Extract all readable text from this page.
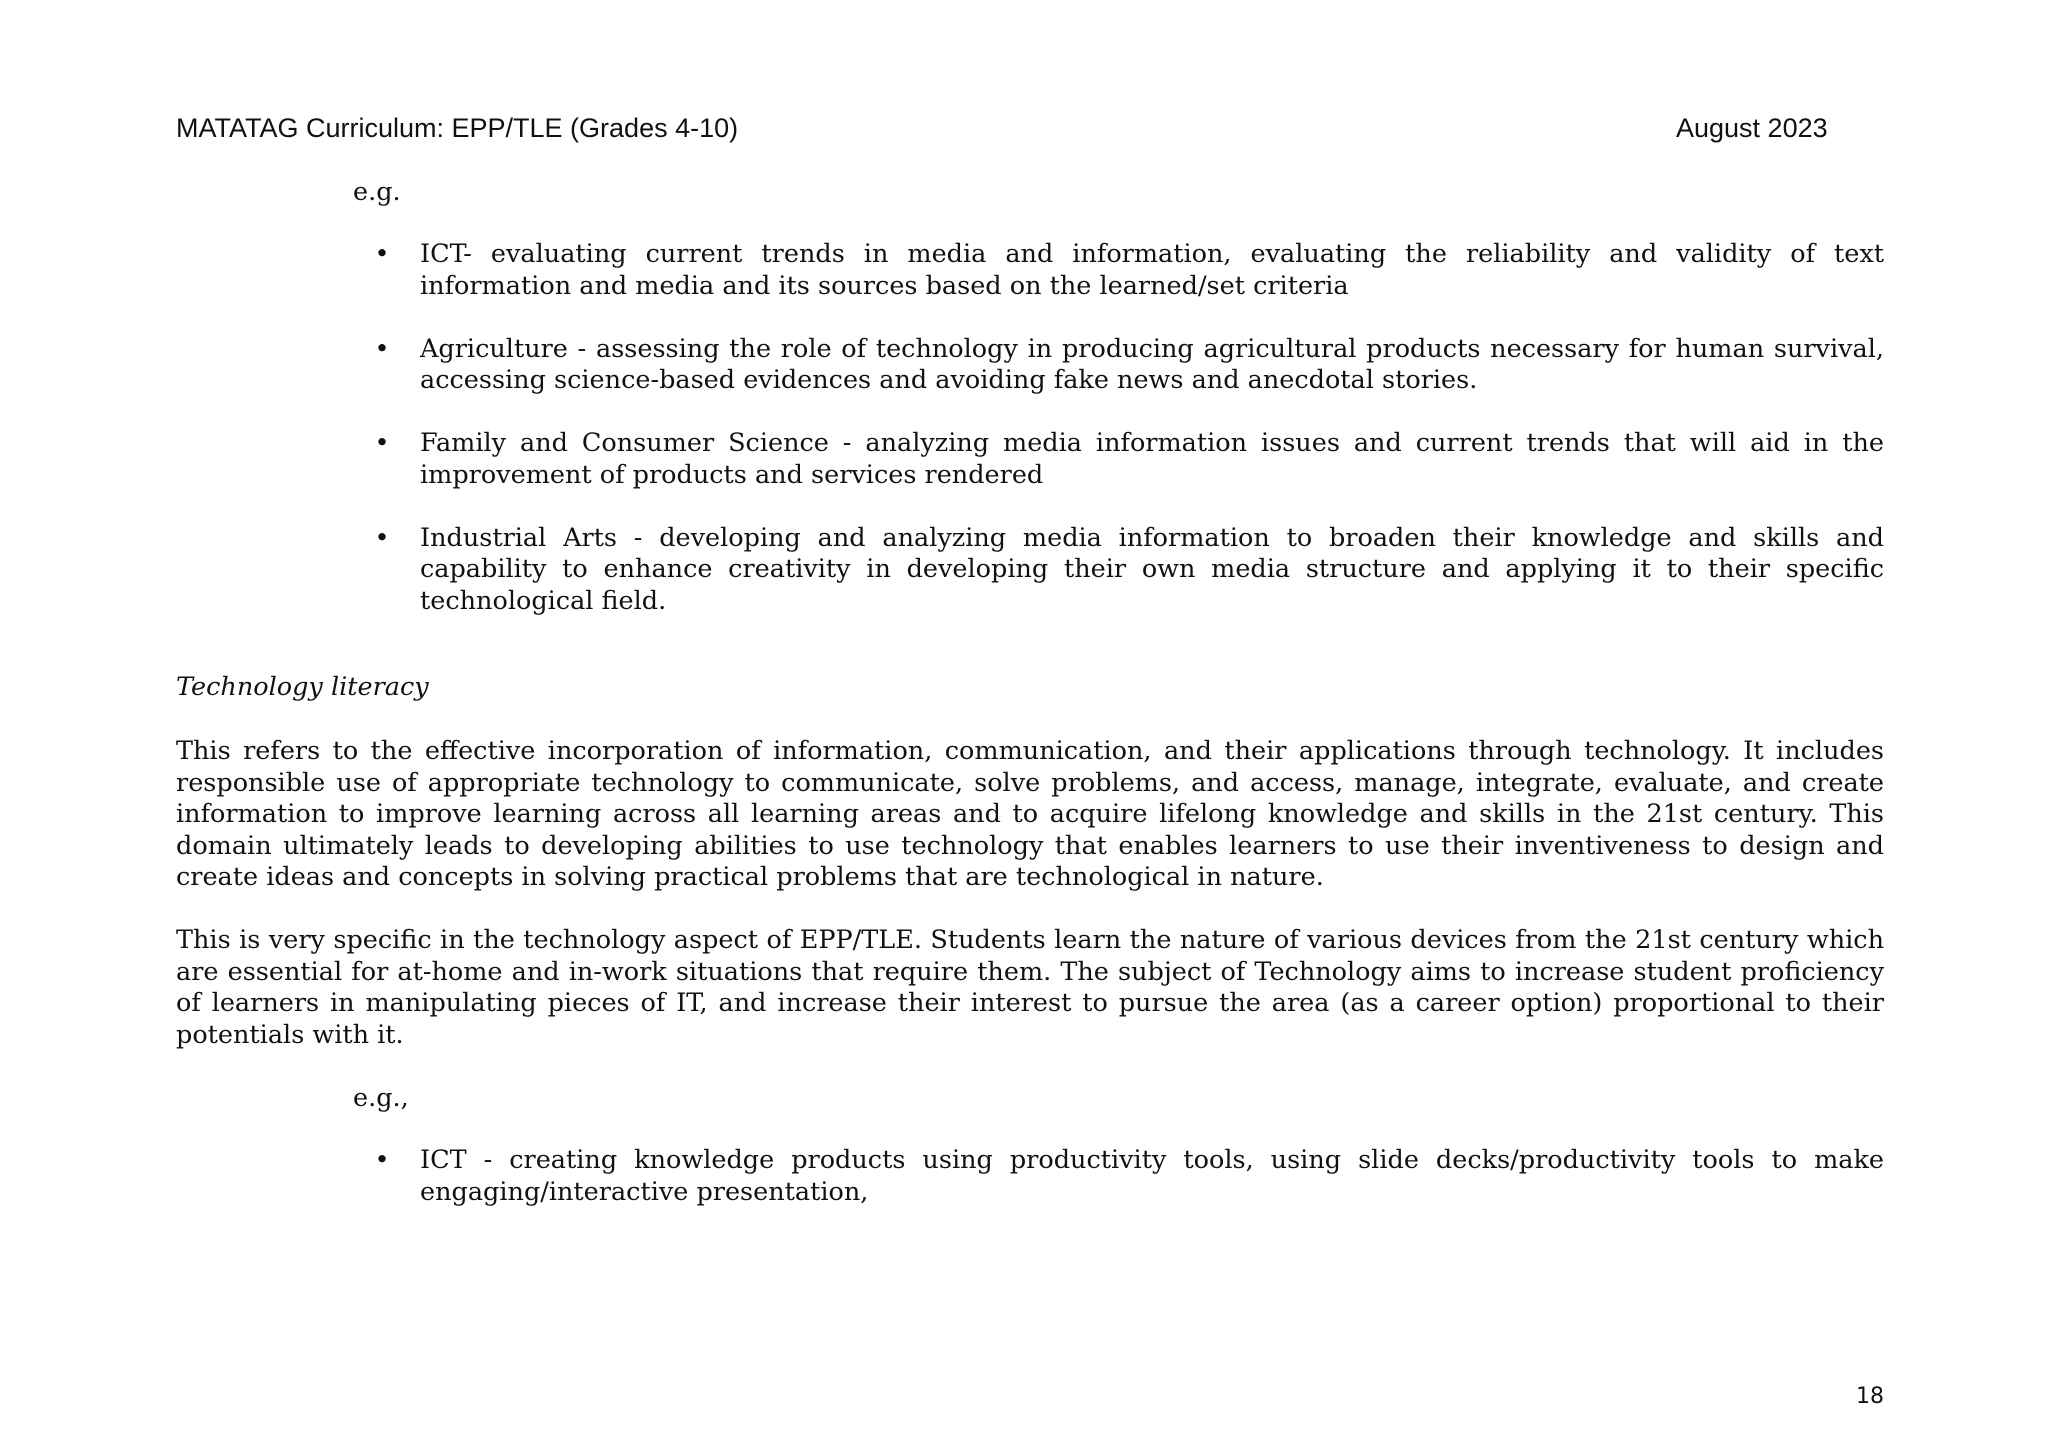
MATATAG Curriculum: EPP/TLE (Grades 4-10)	August 2023
e.g.
• ICT- evaluating current trends in media and information, evaluating the reliability and validity of text information and media and its sources based on the learned/set criteria
• Agriculture - assessing the role of technology in producing agricultural products necessary for human survival, accessing science-based evidences and avoiding fake news and anecdotal stories.
• Family and Consumer Science - analyzing media information issues and current trends that will aid in the improvement of products and services rendered
• Industrial Arts - developing and analyzing media information to broaden their knowledge and skills and capability to enhance creativity in developing their own media structure and applying it to their specific technological field.
Technology literacy

This refers to the effective incorporation of information, communication, and their applications through technology. It includes responsible use of appropriate technology to communicate, solve problems, and access, manage, integrate, evaluate, and create information to improve learning across all learning areas and to acquire lifelong knowledge and skills in the 21st century. This domain ultimately leads to developing abilities to use technology that enables learners to use their inventiveness to design and create ideas and concepts in solving practical problems that are technological in nature.

This is very specific in the technology aspect of EPP/TLE. Students learn the nature of various devices from the 21st century which are essential for at-home and in-work situations that require them. The subject of Technology aims to increase student proficiency of learners in manipulating pieces of IT, and increase their interest to pursue the area (as a career option) proportional to their potentials with it.

e.g.,
• ICT - creating knowledge products using productivity tools, using slide decks/productivity tools to make engaging/interactive presentation,
18
